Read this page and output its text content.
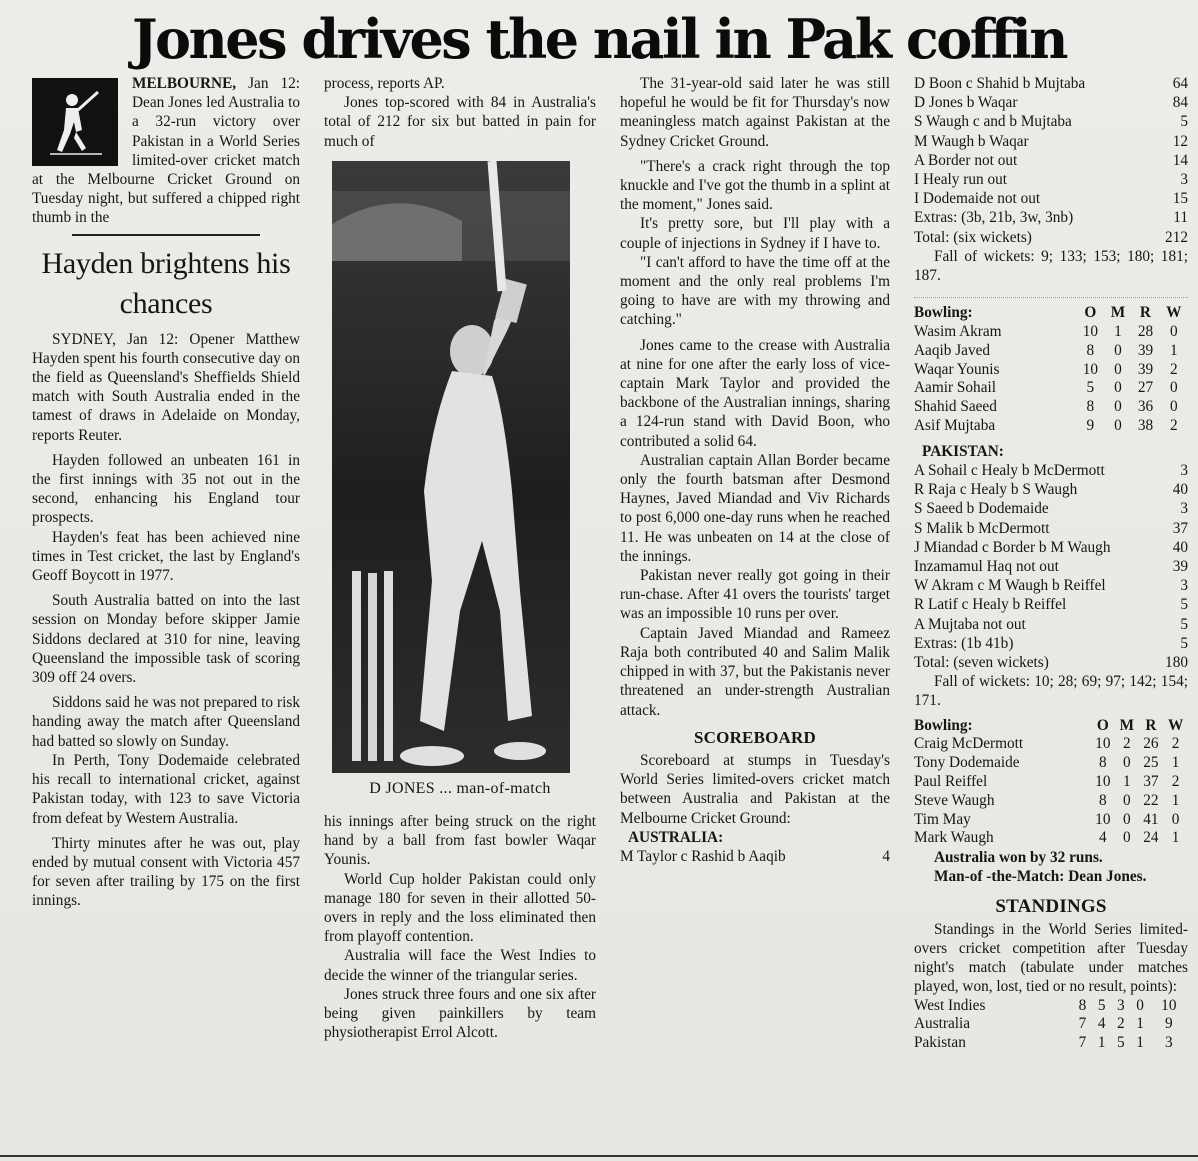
Jones drives the nail in Pak coffin

MELBOURNE, Jan 12: Dean Jones led Australia to a 32-run victory over Pakistan in a World Series limited-over cricket match at the Melbourne Cricket Ground on Tuesday night, but suffered a chipped right thumb in the

Hayden brightens his chances

SYDNEY, Jan 12: Opener Matthew Hayden spent his fourth consecutive day on the field as Queensland's Sheffields Shield match with South Australia ended in the tamest of draws in Adelaide on Monday, reports Reuter.

Hayden followed an unbeaten 161 in the first innings with 35 not out in the second, enhancing his England tour prospects.

Hayden's feat has been achieved nine times in Test cricket, the last by England's Geoff Boycott in 1977.

South Australia batted on into the last session on Monday before skipper Jamie Siddons declared at 310 for nine, leaving Queensland the impossible task of scoring 309 off 24 overs.

Siddons said he was not prepared to risk handing away the match after Queensland had batted so slowly on Sunday.

In Perth, Tony Dodemaide celebrated his recall to international cricket, against Pakistan today, with 123 to save Victoria from defeat by Western Australia.

Thirty minutes after he was out, play ended by mutual consent with Victoria 457 for seven after trailing by 175 on the first innings.

process, reports AP.

Jones top-scored with 84 in Australia's total of 212 for six but batted in pain for much of

D JONES ... man-of-match

his innings after being struck on the right hand by a ball from fast bowler Waqar Younis.

World Cup holder Pakistan could only manage 180 for seven in their allotted 50-overs in reply and the loss eliminated then from playoff contention.

Australia will face the West Indies to decide the winner of the triangular series.

Jones struck three fours and one six after being given painkillers by team physiotherapist Errol Alcott.

The 31-year-old said later he was still hopeful he would be fit for Thursday's now meaningless match against Pakistan at the Sydney Cricket Ground.

"There's a crack right through the top knuckle and I've got the thumb in a splint at the moment," Jones said.

It's pretty sore, but I'll play with a couple of injections in Sydney if I have to.

"I can't afford to have the time off at the moment and the only real problems I'm going to have are with my throwing and catching."

Jones came to the crease with Australia at nine for one after the early loss of vice-captain Mark Taylor and provided the backbone of the Australian innings, sharing a 124-run stand with David Boon, who contributed a solid 64.

Australian captain Allan Border became only the fourth batsman after Desmond Haynes, Javed Miandad and Viv Richards to post 6,000 one-day runs when he reached 11. He was unbeaten on 14 at the close of the innings.

Pakistan never really got going in their run-chase. After 41 overs the tourists' target was an impossible 10 runs per over.

Captain Javed Miandad and Rameez Raja both contributed 40 and Salim Malik chipped in with 37, but the Pakistanis never threatened an under-strength Australian attack.

SCOREBOARD

Scoreboard at stumps in Tuesday's World Series limited-overs cricket match between Australia and Pakistan at the Melbourne Cricket Ground:

AUSTRALIA:
M Taylor c Rashid b Aaqib	4
D Boon c Shahid b Mujtaba	64
D Jones b Waqar	84
S Waugh c and b Mujtaba	5
M Waugh b Waqar	12
A Border not out	14
I Healy run out	3
I Dodemaide not out	15
Extras: (3b, 21b, 3w, 3nb)	11
Total: (six wickets)	212

Fall of wickets: 9; 133; 153; 180; 181; 187.

Bowling:	O	M	R	W
Wasim Akram	10	1	28	0
Aaqib Javed	8	0	39	1
Waqar Younis	10	0	39	2
Aamir Sohail	5	0	27	0
Shahid Saeed	8	0	36	0
Asif Mujtaba	9	0	38	2
PAKISTAN:
A Sohail c Healy b McDermott	3
R Raja c Healy b S Waugh	40
S Saeed b Dodemaide	3
S Malik b McDermott	37
J Miandad c Border b M Waugh	40
Inzamamul Haq not out	39
W Akram c M Waugh b Reiffel	3
R Latif c Healy b Reiffel	5
A Mujtaba not out	5
Extras: (1b 41b)	5
Total: (seven wickets)	180

Fall of wickets: 10; 28; 69; 97; 142; 154; 171.

Bowling:	O	M	R	W
Craig McDermott	10	2	26	2
Tony Dodemaide	8	0	25	1
Paul Reiffel	10	1	37	2
Steve Waugh	8	0	22	1
Tim May	10	0	41	0
Mark Waugh	4	0	24	1

Australia won by 32 runs.

Man-of -the-Match: Dean Jones.

STANDINGS

Standings in the World Series limited-overs cricket competition after Tuesday night's match (tabulate under matches played, won, lost, tied or no result, points):

West Indies	8	5	3	0	10
Australia	7	4	2	1	9
Pakistan	7	1	5	1	3
